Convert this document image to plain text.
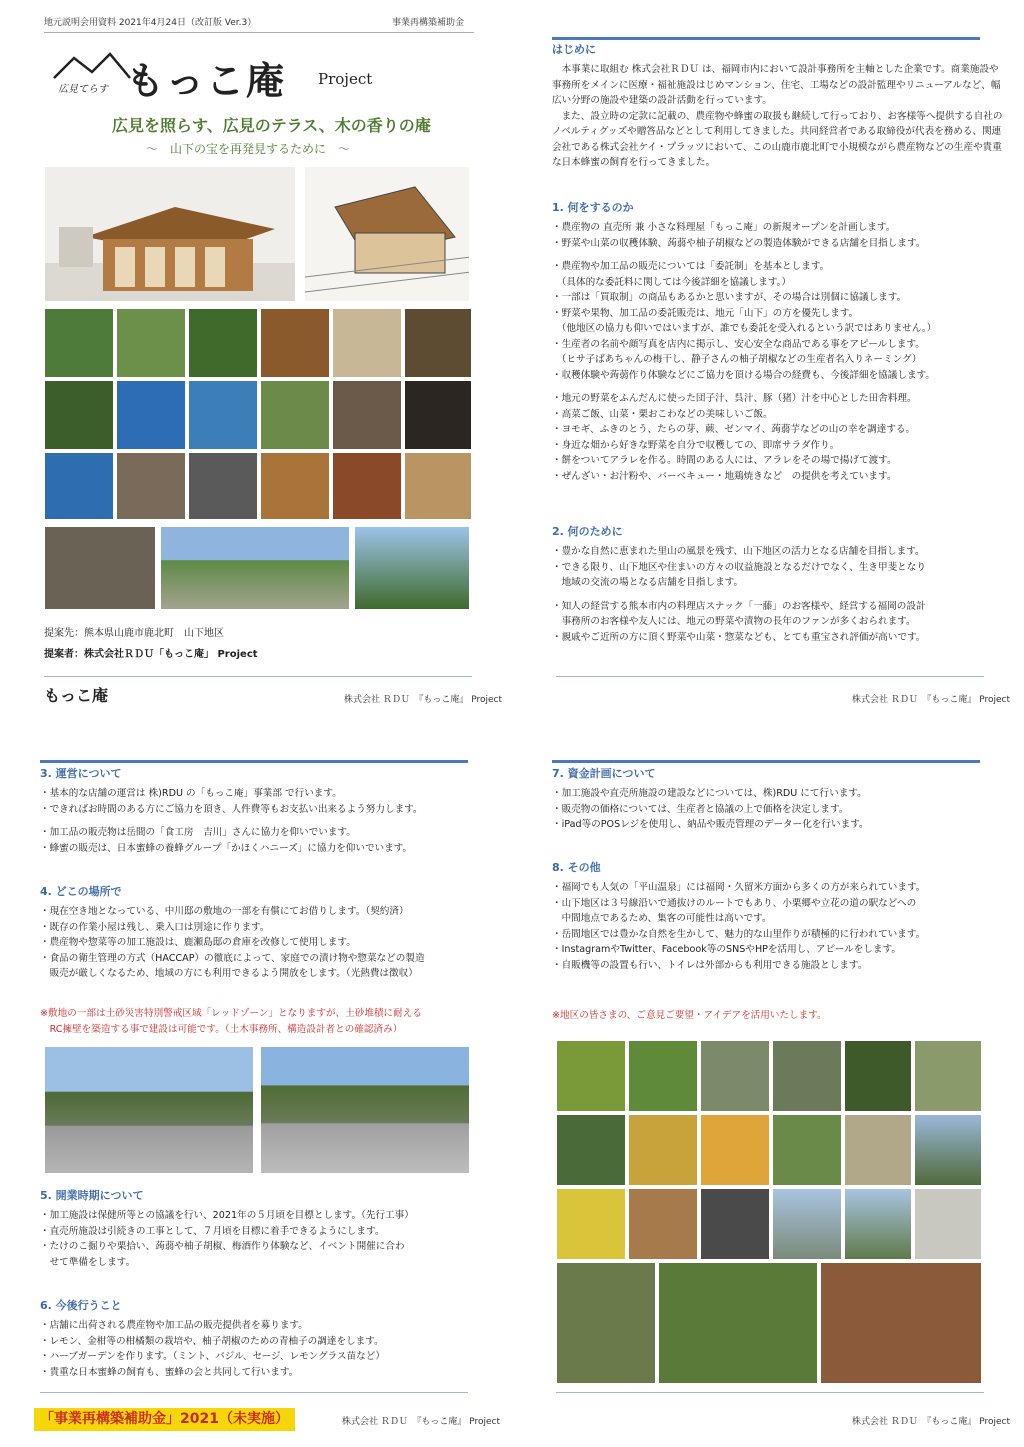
地元説明会用資料 2021年4月24日（改訂版 Ver.3）	事業再構築補助金
広見てらす もっこ庵 Project
広見を照らす、広見のテラス、木の香りの庵
〜　山下の宝を再発見するために　〜
提案先：熊本県山鹿市鹿北町　山下地区
提案者：株式会社ＲＤＵ「もっこ庵」 Project
もっこ庵	株式会社 ＲＤＵ　『もっこ庵』 Project
はじめに
　本事業に取組む 株式会社ＲＤＵ は、福岡市内において設計事務所を主軸とした企業です。商業施設や事務所をメインに医療・福祉施設はじめマンション、住宅、工場などの設計監理やリニューアルなど、幅広い分野の施設や建築の設計活動を行っています。
　また、設立時の定款に記載の、農産物や蜂蜜の取扱も継続して行っており、お客様等へ提供する自社のノベルティグッズや贈答品などとして利用してきました。共同経営者である取締役が代表を務める、関連会社である株式会社ケイ・プラッツにおいて、この山鹿市鹿北町で小規模ながら農産物などの生産や貴重な日本蜂蜜の飼育を行ってきました。
1. 何をするのか
・農産物の 直売所 兼 小さな料理屋「もっこ庵」の新規オープンを計画します。
・野菜や山菜の収穫体験、蒟蒻や柚子胡椒などの製造体験ができる店舗を目指します。
・農産物や加工品の販売については「委託制」を基本とします。
　（具体的な委託料に関しては今後詳細を協議します。）
・一部は「買取制」の商品もあるかと思いますが、その場合は別個に協議します。
・野菜や果物、加工品の委託販売は、地元「山下」の方を優先します。
　（他地区の協力も仰いではいますが、誰でも委託を受入れるという訳ではありません。）
・生産者の名前や顔写真を店内に掲示し、安心安全な商品である事をアピールします。
　（ヒサ子ばあちゃんの梅干し、静子さんの柚子胡椒などの生産者名入りネーミング）
・収穫体験や蒟蒻作り体験などにご協力を頂ける場合の経費も、今後詳細を協議します。
・地元の野菜をふんだんに使った団子汁、呉汁、豚（猪）汁を中心とした田舎料理。
・高菜ご飯、山菜・栗おこわなどの美味しいご飯。
・ヨモギ、ふきのとう、たらの芽、蕨、ゼンマイ、蒟蒻芋などの山の幸を調達する。
・身近な畑から好きな野菜を自分で収穫しての、即席サラダ作り。
・餅をついてアラレを作る。時間のある人には、アラレをその場で揚げて渡す。
・ぜんざい・お汁粉や、バーベキュー・地鶏焼きなど　の提供を考えています。
2. 何のために
・豊かな自然に恵まれた里山の風景を残す、山下地区の活力となる店舗を目指します。
・できる限り、山下地区や住まいの方々の収益施設となるだけでなく、生き甲斐となり
　地域の交流の場となる店舗を目指します。
・知人の経営する熊本市内の料理店スナック「一藤」のお客様や、経営する福岡の設計
　事務所のお客様や友人には、地元の野菜や漬物の長年のファンが多くおられます。
・親戚やご近所の方に頂く野菜や山菜・惣菜なども、とても重宝され評価が高いです。
株式会社 ＲＤＵ　『もっこ庵』 Project
3. 運営について
・基本的な店舗の運営は 株)RDU の「もっこ庵」事業部 で行います。
・できればお時間のある方にご協力を頂き、人件費等もお支払い出来るよう努力します。
・加工品の販売物は岳間の「食工房　吉川」さんに協力を仰いでいます。
・蜂蜜の販売は、日本蜜蜂の養蜂グループ「かほくハニーズ」に協力を仰いでいます。
4. どこの場所で
・現在空き地となっている、中川邸の敷地の一部を有償にてお借りします。（契約済）
・既存の作業小屋は残し、乗入口は別途に作ります。
・農産物や惣菜等の加工施設は、鹿瀬島邸の倉庫を改修して使用します。
・食品の衛生管理の方式（HACCAP）の徹底によって、家庭での漬け物や惣菜などの製造
　販売が厳しくなるため、地域の方にも利用できるよう開放をします。（光熱費は徴収）
※敷地の一部は土砂災害特別警戒区域「レッドゾーン」となりますが、土砂堆積に耐える
　RC擁壁を築造する事で建設は可能です。（土木事務所、構造設計者との確認済み）
5. 開業時期について
・加工施設は保健所等との協議を行い、2021年の５月頃を目標とします。（先行工事）
・直売所施設は引続きの工事として、７月頃を目標に着手できるようにします。
・たけのこ掘りや栗拾い、蒟蒻や柚子胡椒、梅酒作り体験など、イベント開催に合わ
　せて準備をします。
6. 今後行うこと
・店舗に出荷される農産物や加工品の販売提供者を募ります。
・レモン、金柑等の柑橘類の栽培や、柚子胡椒のための青柚子の調達をします。
・ハーブガーデンを作ります。（ミント、バジル、セージ、レモングラス苗など）
・貴重な日本蜜蜂の飼育も、蜜蜂の会と共同して行います。
「事業再構築補助金」2021（未実施）	株式会社 ＲＤＵ　『もっこ庵』 Project
7. 資金計画について
・加工施設や直売所施設の建設などについては、株)RDU にて行います。
・販売物の価格については、生産者と協議の上で価格を決定します。
・iPad等のPOSレジを使用し、納品や販売管理のデーター化を行います。
8. その他
・福岡でも人気の「平山温泉」には福岡・久留米方面から多くの方が来られています。
・山下地区は３号線沿いで通抜けのルートでもあり、小栗郷や立花の道の駅などへの
　中間地点であるため、集客の可能性は高いです。
・岳間地区では豊かな自然を生かして、魅力的な山里作りが積極的に行われています。
・InstagramやTwitter、Facebook等のSNSやHPを活用し、アピールをします。
・自販機等の設置も行い、トイレは外部からも利用できる施設とします。
※地区の皆さまの、ご意見ご要望・アイデアを活用いたします。
株式会社 ＲＤＵ　『もっこ庵』 Project
